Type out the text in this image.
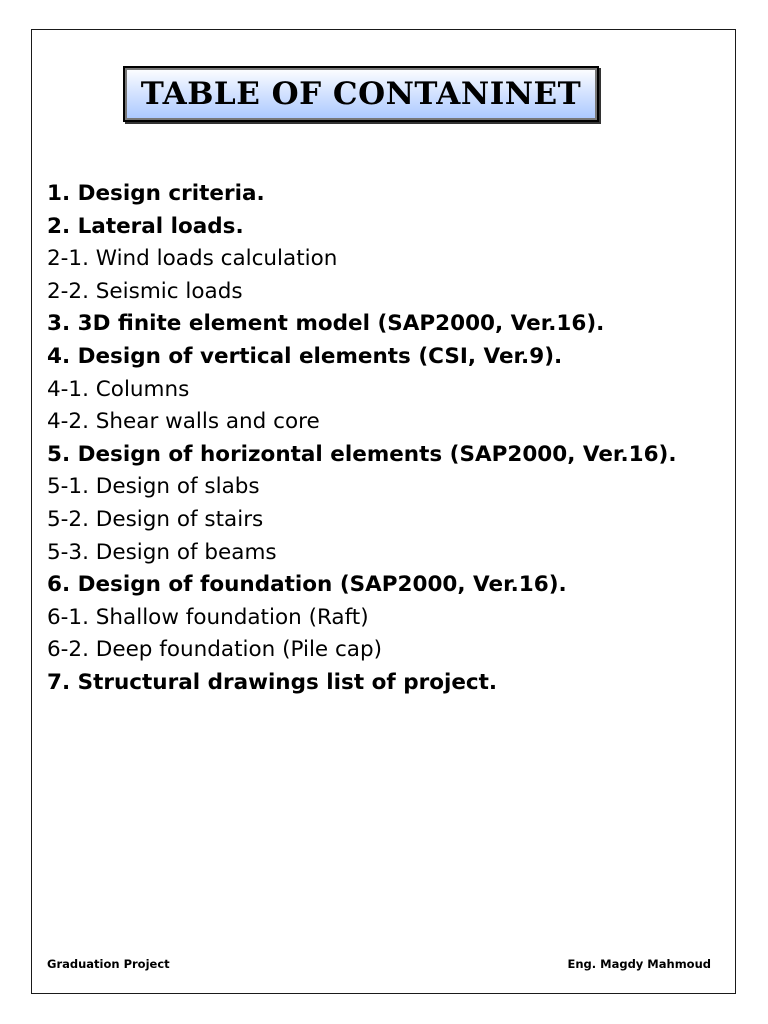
TABLE OF CONTANINET
1. Design criteria.
2. Lateral loads.
2-1. Wind loads calculation
2-2. Seismic loads
3. 3D finite element model (SAP2000, Ver.16).
4. Design of vertical elements (CSI, Ver.9).
4-1. Columns
4-2. Shear walls and core
5. Design of horizontal elements (SAP2000, Ver.16).
5-1. Design of slabs
5-2. Design of stairs
5-3. Design of beams
6. Design of foundation (SAP2000, Ver.16).
6-1. Shallow foundation (Raft)
6-2. Deep foundation (Pile cap)
7. Structural drawings list of project.
Graduation Project	Eng. Magdy Mahmoud
